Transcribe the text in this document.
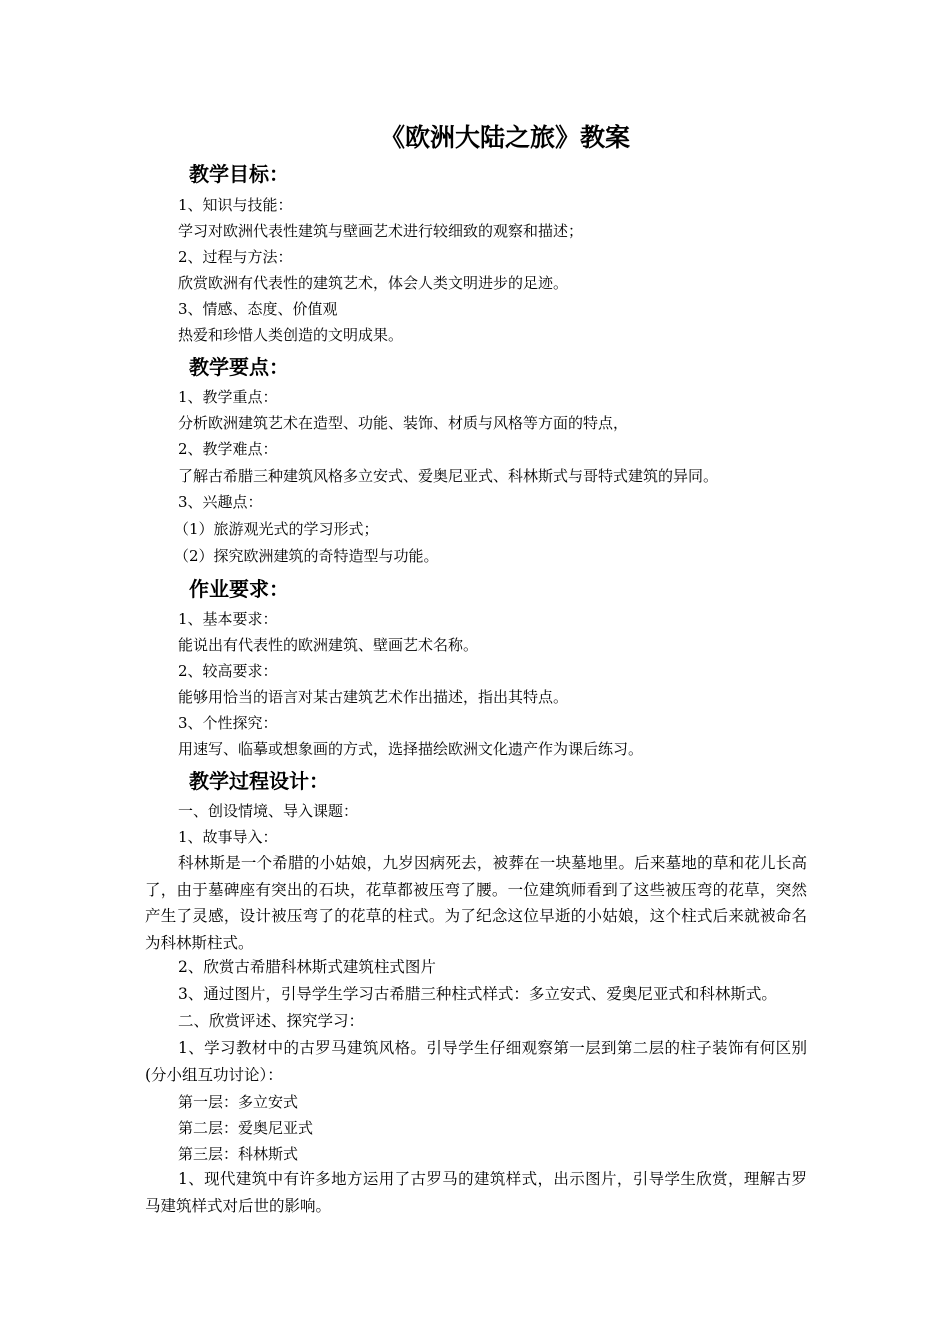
《欧洲大陆之旅》教案
教学目标：
1、知识与技能：
学习对欧洲代表性建筑与壁画艺术进行较细致的观察和描述；
2、过程与方法：
欣赏欧洲有代表性的建筑艺术，体会人类文明进步的足迹。
3、情感、态度、价值观
热爱和珍惜人类创造的文明成果。
教学要点：
1、教学重点：
分析欧洲建筑艺术在造型、功能、装饰、材质与风格等方面的特点，
2、教学难点：
了解古希腊三种建筑风格多立安式、爱奥尼亚式、科林斯式与哥特式建筑的异同。
3、兴趣点：
（1）旅游观光式的学习形式；
（2）探究欧洲建筑的奇特造型与功能。
作业要求：
1、基本要求：
能说出有代表性的欧洲建筑、壁画艺术名称。
2、较高要求：
能够用恰当的语言对某古建筑艺术作出描述，指出其特点。
3、个性探究：
用速写、临摹或想象画的方式，选择描绘欧洲文化遗产作为课后练习。
教学过程设计：
一、创设情境、导入课题：
1、故事导入：
科林斯是一个希腊的小姑娘，九岁因病死去，被葬在一块墓地里。后来墓地的草和花儿长高了，由于墓碑座有突出的石块，花草都被压弯了腰。一位建筑师看到了这些被压弯的花草，突然产生了灵感，设计被压弯了的花草的柱式。为了纪念这位早逝的小姑娘，这个柱式后来就被命名为科林斯柱式。
2、欣赏古希腊科林斯式建筑柱式图片
3、通过图片，引导学生学习古希腊三种柱式样式：多立安式、爱奥尼亚式和科林斯式。
二、欣赏评述、探究学习：
1、学习教材中的古罗马建筑风格。引导学生仔细观察第一层到第二层的柱子装饰有何区别(分小组互功讨论）：
第一层：多立安式
第二层：爱奥尼亚式
第三层：科林斯式
1、现代建筑中有许多地方运用了古罗马的建筑样式，出示图片，引导学生欣赏，理解古罗马建筑样式对后世的影响。
